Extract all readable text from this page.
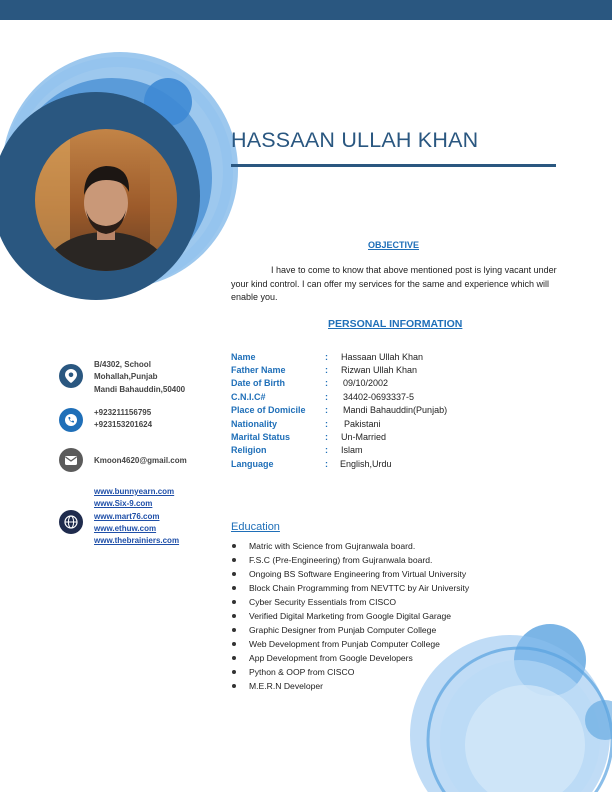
HASSAAN ULLAH KHAN
OBJECTIVE
I have to come to know that above mentioned post is lying vacant under your kind control. I can offer my services for the same and experience which will enable you.
PERSONAL INFORMATION
Name	: Hassaan Ullah Khan
Father Name	: Rizwan Ullah Khan
Date of Birth	: 09/10/2002
C.N.I.C#	: 34402-0693337-5
Place of Domicile : Mandi Bahauddin(Punjab)
Nationality	: Pakistani
Marital Status	: Un-Married
Religion	: Islam
Language	: English,Urdu
B/4302, School
Mohallah,Punjab
Mandi Bahauddin,50400
+923211156795
+923153201624
Kmoon4620@gmail.com
www.bunnyearn.com
www.Six-9.com
www.mart76.com
www.ethuw.com
www.thebrainiers.com
Education
Matric with Science from Gujranwala board.
F.S.C (Pre-Engineering) from Gujranwala board.
Ongoing BS Software Engineering from Virtual University
Block Chain Programming from NEVTTC by Air University
Cyber Security Essentials from CISCO
Verified Digital Marketing from Google Digital Garage
Graphic Designer from Punjab Computer College
Web Development from Punjab Computer College
App Development from Google Developers
Python & OOP from CISCO
M.E.R.N Developer
